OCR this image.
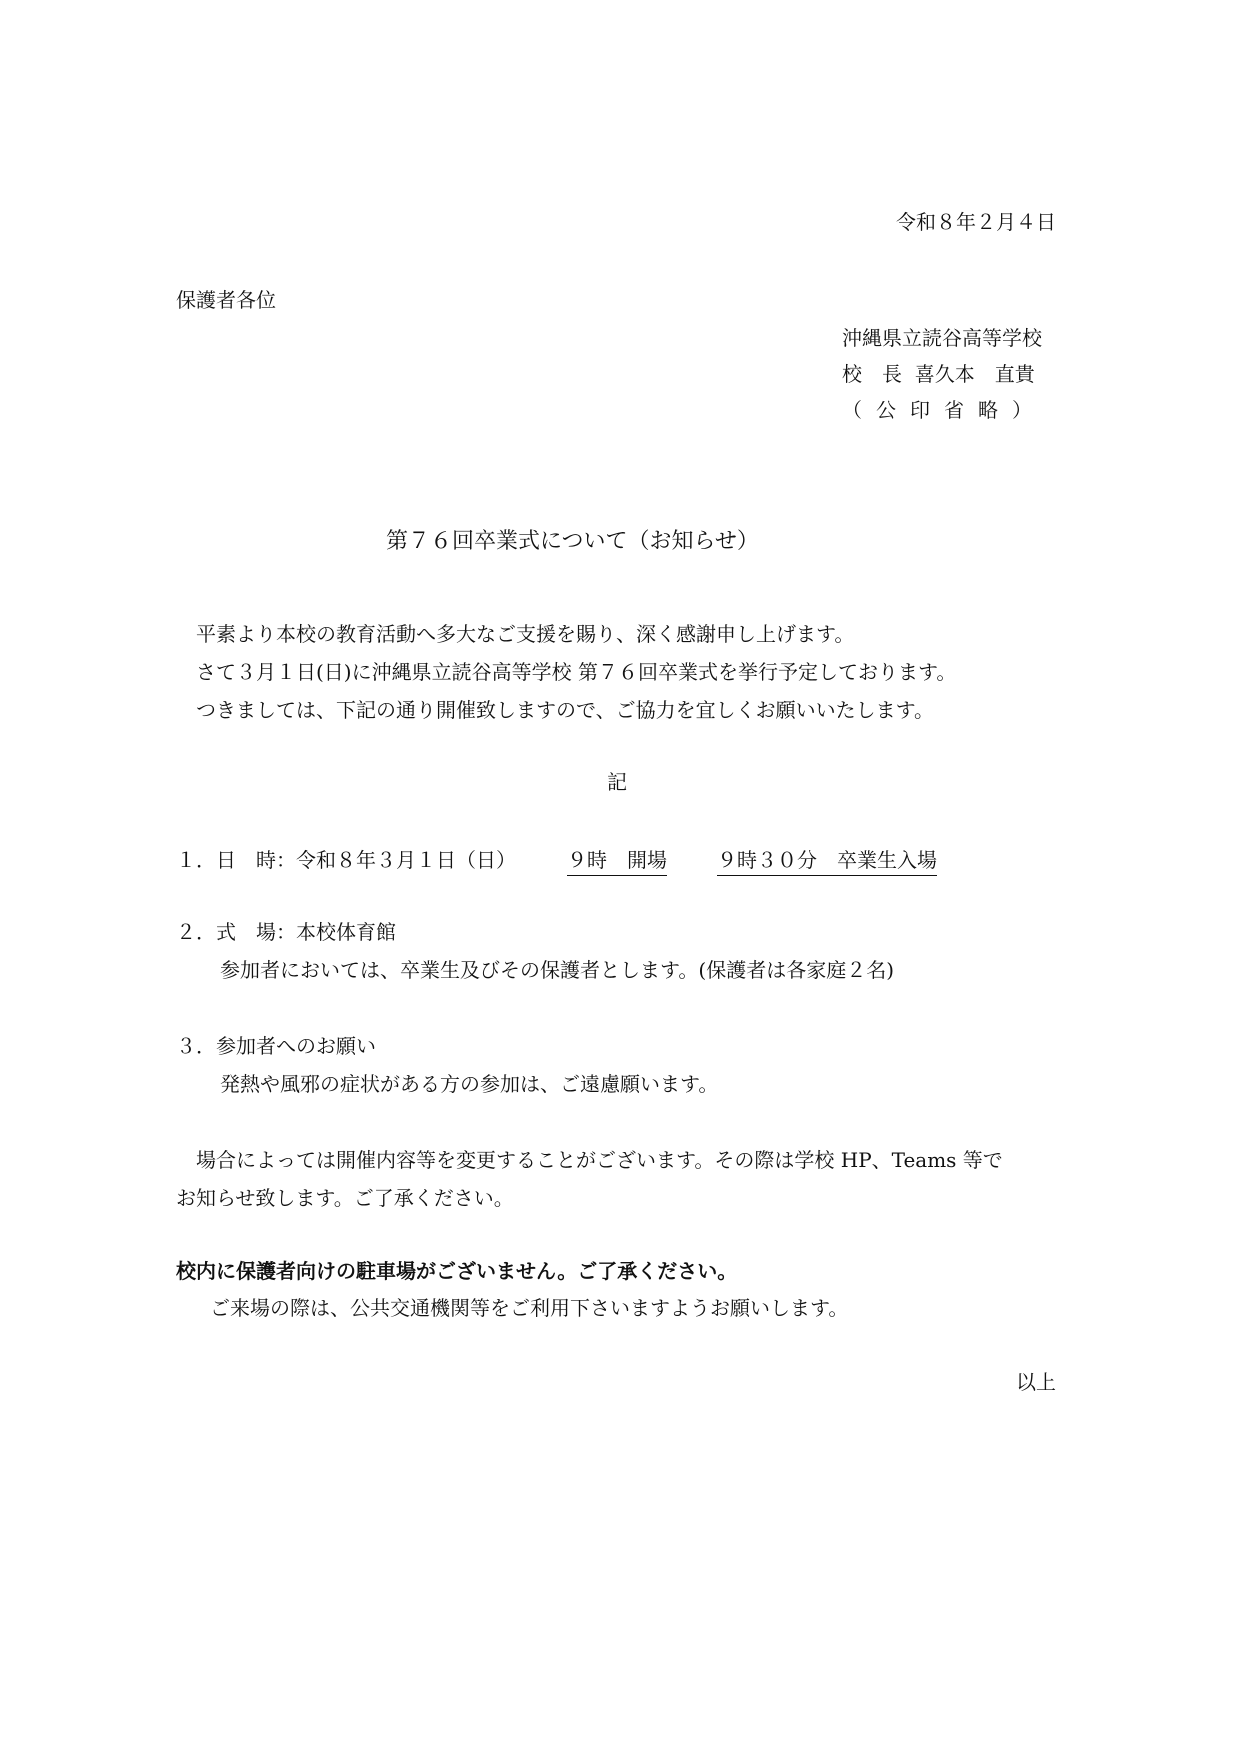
令和８年２月４日
保護者各位
沖縄県立読谷高等学校
校　長 喜久本　直貴
（公印省略）
第７６回卒業式について（お知らせ）
平素より本校の教育活動へ多大なご支援を賜り、深く感謝申し上げます。
さて３月１日(日)に沖縄県立読谷高等学校 第７６回卒業式を挙行予定しております。
つきましては、下記の通り開催致しますので、ご協力を宜しくお願いいたします。
記
１．日　時：令和８年３月１日（日）	９時　開場	９時３０分　卒業生入場
２．式　場：本校体育館
参加者においては、卒業生及びその保護者とします。(保護者は各家庭２名)
３．参加者へのお願い
発熱や風邪の症状がある方の参加は、ご遠慮願います。
場合によっては開催内容等を変更することがございます。その際は学校 HP、Teams 等で
お知らせ致します。ご了承ください。
校内に保護者向けの駐車場がございません。ご了承ください。
ご来場の際は、公共交通機関等をご利用下さいますようお願いします。
以上
